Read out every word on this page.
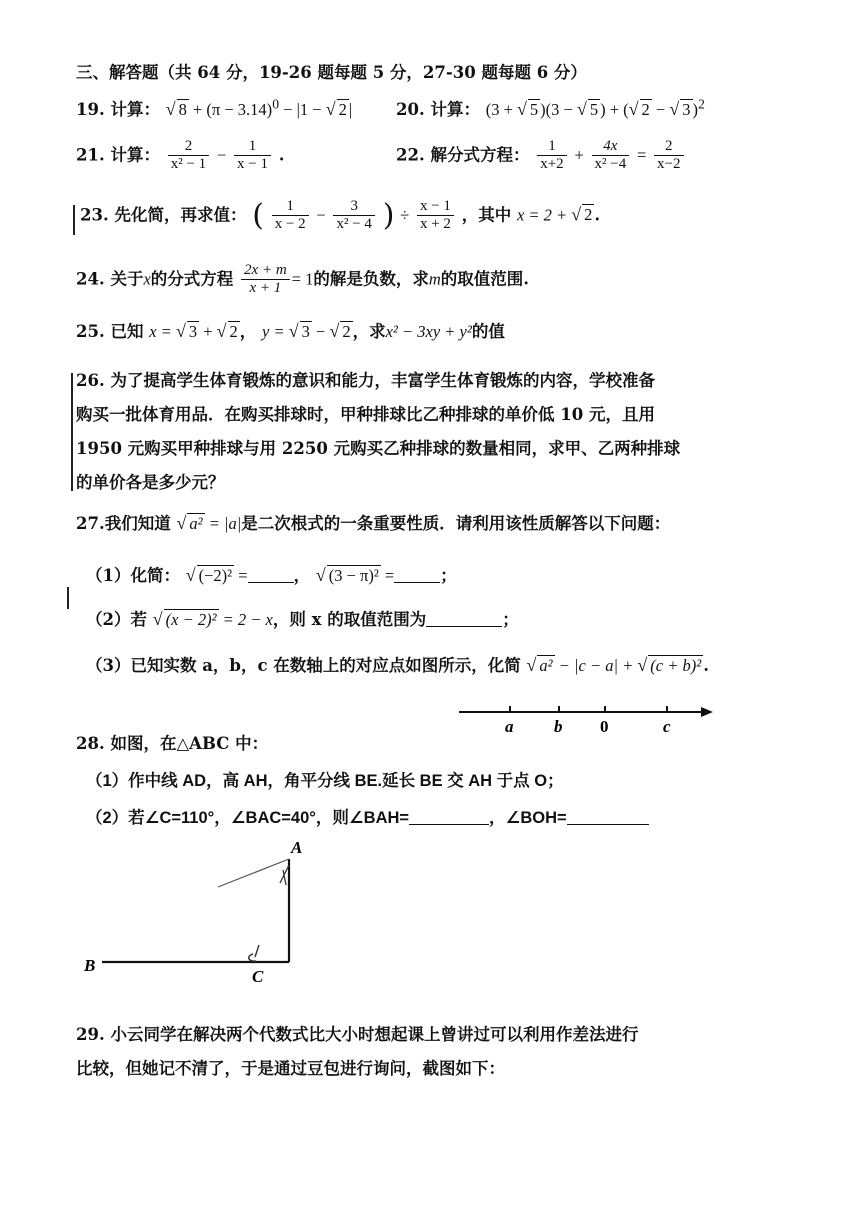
三、解答题（共 64 分，19-26 题每题 5 分，27-30 题每题 6 分）
19. 计算： √ $8 + (\pi - 3.14)^0 - |1$ − √ 2 |	20. 计算： (3 + √ 5 )(3 − √ 5 ) + (√ 2 − √ 3 )$^2$
21. 计算： $\frac{2}{\text{x² − 1}} - \frac{1}{x - 1}$ .	22. 解分式方程： $\frac{1}{x+2} + \frac{4x}{\text{x² −4}} = \frac{2}{x-2}$
23. 先化简，再求值： ( $\frac{1}{x - 2} - \frac{3}{\text{x² − 4}}$ ) ÷ $\frac{x - 1}{x + 2}$ ，其中 x = 2 + √ 2 .
24. 关于x的分式方程 $\frac{2x + m}{x + 1} = 1$的解是负数，求m的取值范围.
25. 已知 x = √ 3 + √ 2 ， y = √ 3 − √ 2 ，求x² − 3xy + y²的值
26. 为了提高学生体育锻炼的意识和能力，丰富学生体育锻炼的内容，学校准备
购买一批体育用品．在购买排球时，甲种排球比乙种排球的单价低 10 元，且用
1950 元购买甲种排球与用 2250 元购买乙种排球的数量相同，求甲、乙两种排球
的单价各是多少元？
27.我们知道 √ a² = |a|是二次根式的一条重要性质．请利用该性质解答以下问题：
（1）化简： √ (−2)² =	， √ (3 − π)² =	；
（2）若 √ (x − 2)² = 2 − x，则 x 的取值范围为	；
（3）已知实数 a，b，c 在数轴上的对应点如图所示，化简 √ a² − |c − a| + √ (c + b)² .
a b 0	c
28. 如图，在△ABC 中：
（1）作中线 AD，高 AH，角平分线 BE.延长 BE 交 AH 于点 O；
（2）若∠C=110°，∠BAC=40°，则∠BAH=	，∠BOH=
A
B
C
29. 小云同学在解决两个代数式比大小时想起课上曾讲过可以利用作差法进行
比较，但她记不清了，于是通过豆包进行询问，截图如下：
